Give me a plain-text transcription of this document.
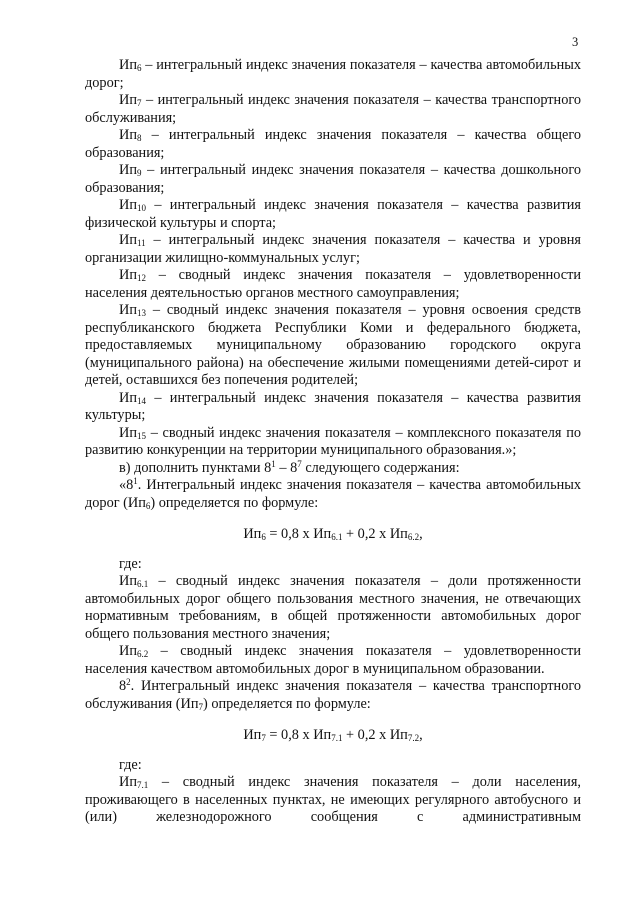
3

$Ип_6$ – интегральный индекс значения показателя – качества автомобильных дорог;

$Ип_7$ – интегральный индекс значения показателя – качества транспортного обслуживания;

$Ип_8$ – интегральный индекс значения показателя – качества общего образования;

$Ип_9$ – интегральный индекс значения показателя – качества дошкольного образования;

$Ип_{10}$ – интегральный индекс значения показателя – качества развития физической культуры и спорта;

$Ип_{11}$ – интегральный индекс значения показателя – качества и уровня организации жилищно-коммунальных услуг;

$Ип_{12}$ – сводный индекс значения показателя – удовлетворенности населения деятельностью органов местного самоуправления;

$Ип_{13}$ – сводный индекс значения показателя – уровня освоения средств республиканского бюджета Республики Коми и федерального бюджета, предоставляемых муниципальному образованию городского округа (муниципального района) на обеспечение жилыми помещениями детей-сирот и детей, оставшихся без попечения родителей;

$Ип_{14}$ – интегральный индекс значения показателя – качества развития культуры;

$Ип_{15}$ – сводный индекс значения показателя – комплексного показателя по развитию конкуренции на территории муниципального образования.»;

в) дополнить пунктами $8^1 - 8^7$ следующего содержания:

«$8^1$. Интегральный индекс значения показателя – качества автомобильных дорог $(Ип_6)$ определяется по формуле:

$Ип_6 = 0,8$ х $Ип_{6.1} + 0,2$ х $Ип_{6.2}$,

где:

$Ип_{6.1}$ – сводный индекс значения показателя – доли протяженности автомобильных дорог общего пользования местного значения, не отвечающих нормативным требованиям, в общей протяженности автомобильных дорог общего пользования местного значения;

$Ип_{6.2}$ – сводный индекс значения показателя – удовлетворенности населения качеством автомобильных дорог в муниципальном образовании.

$8^2$. Интегральный индекс значения показателя – качества транспортного обслуживания $(Ип_7)$ определяется по формуле:

$Ип_7 = 0,8$ х $Ип_{7.1} + 0,2$ х $Ип_{7.2}$,

где:

$Ип_{7.1}$ – сводный индекс значения показателя – доли населения, проживающего в населенных пунктах, не имеющих регулярного автобусного и (или) железнодорожного сообщения с административным
